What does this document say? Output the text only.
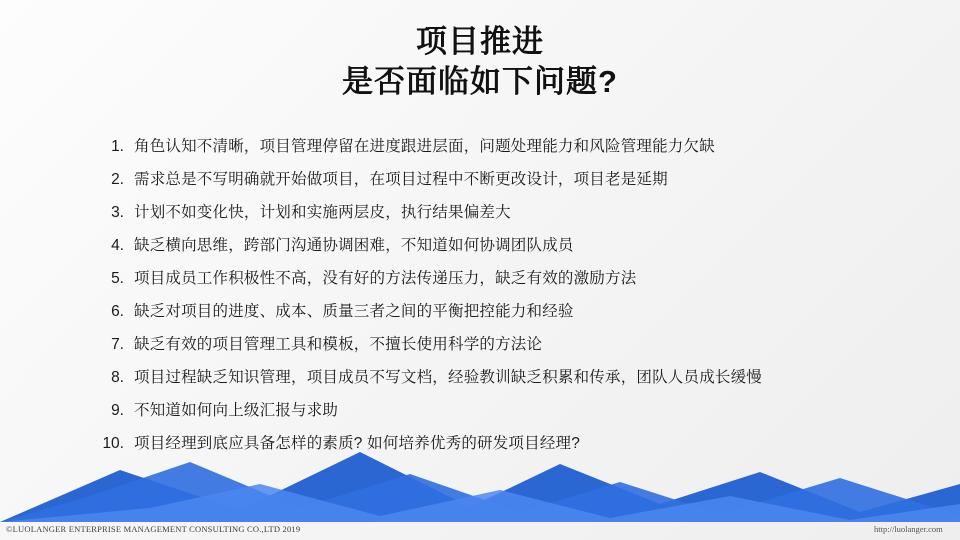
项目推进
是否面临如下问题?
1. 角色认知不清晰，项目管理停留在进度跟进层面，问题处理能力和风险管理能力欠缺
2. 需求总是不写明确就开始做项目，在项目过程中不断更改设计，项目老是延期
3. 计划不如变化快，计划和实施两层皮，执行结果偏差大
4. 缺乏横向思维，跨部门沟通协调困难，不知道如何协调团队成员
5. 项目成员工作积极性不高，没有好的方法传递压力，缺乏有效的激励方法
6. 缺乏对项目的进度、成本、质量三者之间的平衡把控能力和经验
7. 缺乏有效的项目管理工具和模板，不擅长使用科学的方法论
8. 项目过程缺乏知识管理，项目成员不写文档，经验教训缺乏积累和传承，团队人员成长缓慢
9. 不知道如何向上级汇报与求助
10. 项目经理到底应具备怎样的素质? 如何培养优秀的研发项目经理?
©LUOLANGER ENTERPRISE MANAGEMENT CONSULTING CO.,LTD 2019	http://luolanger.com
